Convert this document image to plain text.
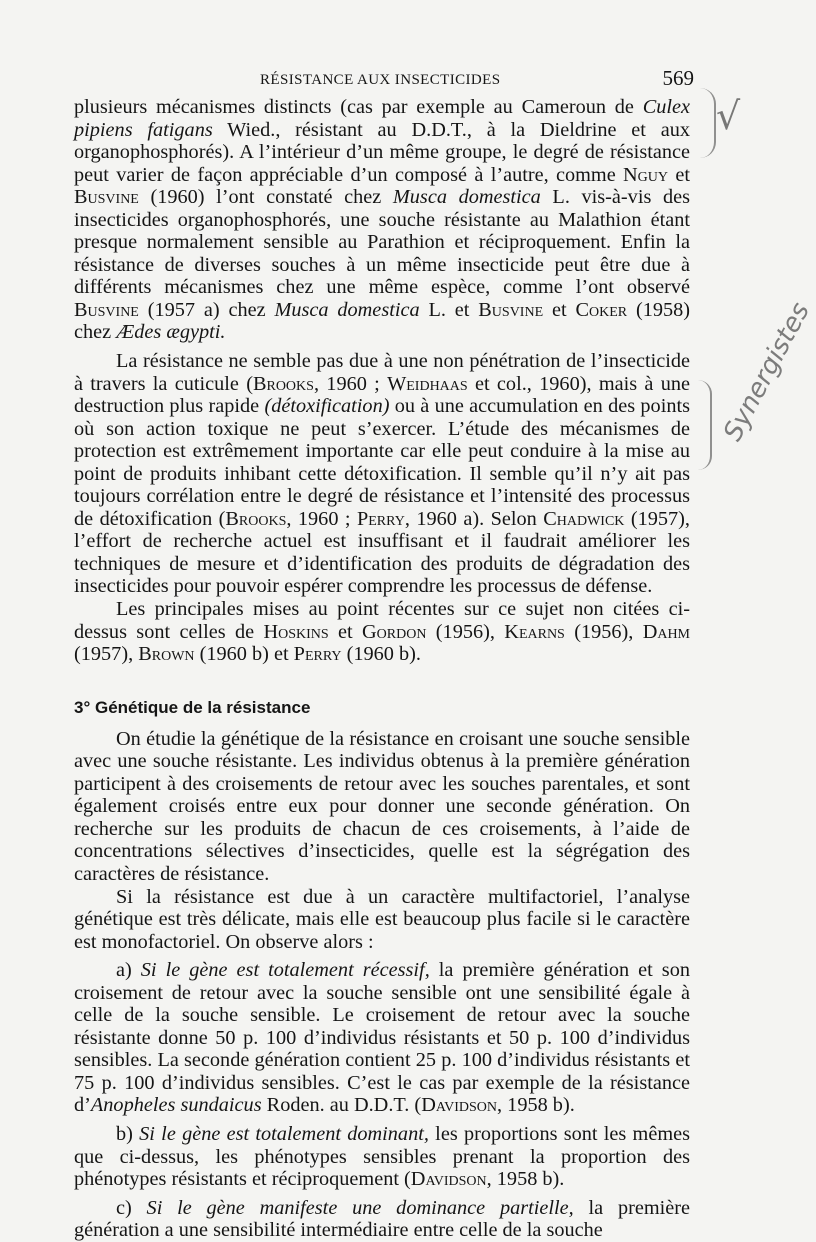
RÉSISTANCE AUX INSECTICIDES	569

plusieurs mécanismes distincts (cas par exemple au Cameroun de Culex pipiens fatigans Wied., résistant au D.D.T., à la Dieldrine et aux organophosphorés). A l’intérieur d’un même groupe, le degré de résistance peut varier de façon appréciable d’un composé à l’autre, comme Nguy et Busvine (1960) l’ont constaté chez Musca domestica L. vis-à-vis des insecticides organophosphorés, une souche résistante au Malathion étant presque normalement sensible au Parathion et réciproquement. Enfin la résistance de diverses souches à un même insecticide peut être due à différents mécanismes chez une même espèce, comme l’ont observé Busvine (1957 a) chez Musca domestica L. et Busvine et Coker (1958) chez Ædes ægypti.

La résistance ne semble pas due à une non pénétration de l’insecticide à travers la cuticule (Brooks, 1960 ; Weidhaas et col., 1960), mais à une destruction plus rapide (détoxification) ou à une accumulation en des points où son action toxique ne peut s’exercer. L’étude des mécanismes de protection est extrêmement importante car elle peut conduire à la mise au point de produits inhibant cette détoxification. Il semble qu’il n’y ait pas toujours corrélation entre le degré de résistance et l’intensité des processus de détoxification (Brooks, 1960 ; Perry, 1960 a). Selon Chadwick (1957), l’effort de recherche actuel est insuffisant et il faudrait améliorer les techniques de mesure et d’identification des produits de dégradation des insecticides pour pouvoir espérer comprendre les processus de défense.

Les principales mises au point récentes sur ce sujet non citées ci-dessus sont celles de Hoskins et Gordon (1956), Kearns (1956), Dahm (1957), Brown (1960 b) et Perry (1960 b).

3° Génétique de la résistance

On étudie la génétique de la résistance en croisant une souche sensible avec une souche résistante. Les individus obtenus à la première génération participent à des croisements de retour avec les souches parentales, et sont également croisés entre eux pour donner une seconde génération. On recherche sur les produits de chacun de ces croisements, à l’aide de concentrations sélectives d’insecticides, quelle est la ségrégation des caractères de résistance.

Si la résistance est due à un caractère multifactoriel, l’analyse génétique est très délicate, mais elle est beaucoup plus facile si le caractère est monofactoriel. On observe alors :

a) Si le gène est totalement récessif, la première génération et son croisement de retour avec la souche sensible ont une sensibilité égale à celle de la souche sensible. Le croisement de retour avec la souche résistante donne 50 p. 100 d’individus résistants et 50 p. 100 d’individus sensibles. La seconde génération contient 25 p. 100 d’individus résistants et 75 p. 100 d’individus sensibles. C’est le cas par exemple de la résistance d’Anopheles sundaicus Roden. au D.D.T. (Davidson, 1958 b).

b) Si le gène est totalement dominant, les proportions sont les mêmes que ci-dessus, les phénotypes sensibles prenant la proportion des phénotypes résistants et réciproquement (Davidson, 1958 b).

c) Si le gène manifeste une dominance partielle, la première génération a une sensibilité intermédiaire entre celle de la souche

√
Synergistes
